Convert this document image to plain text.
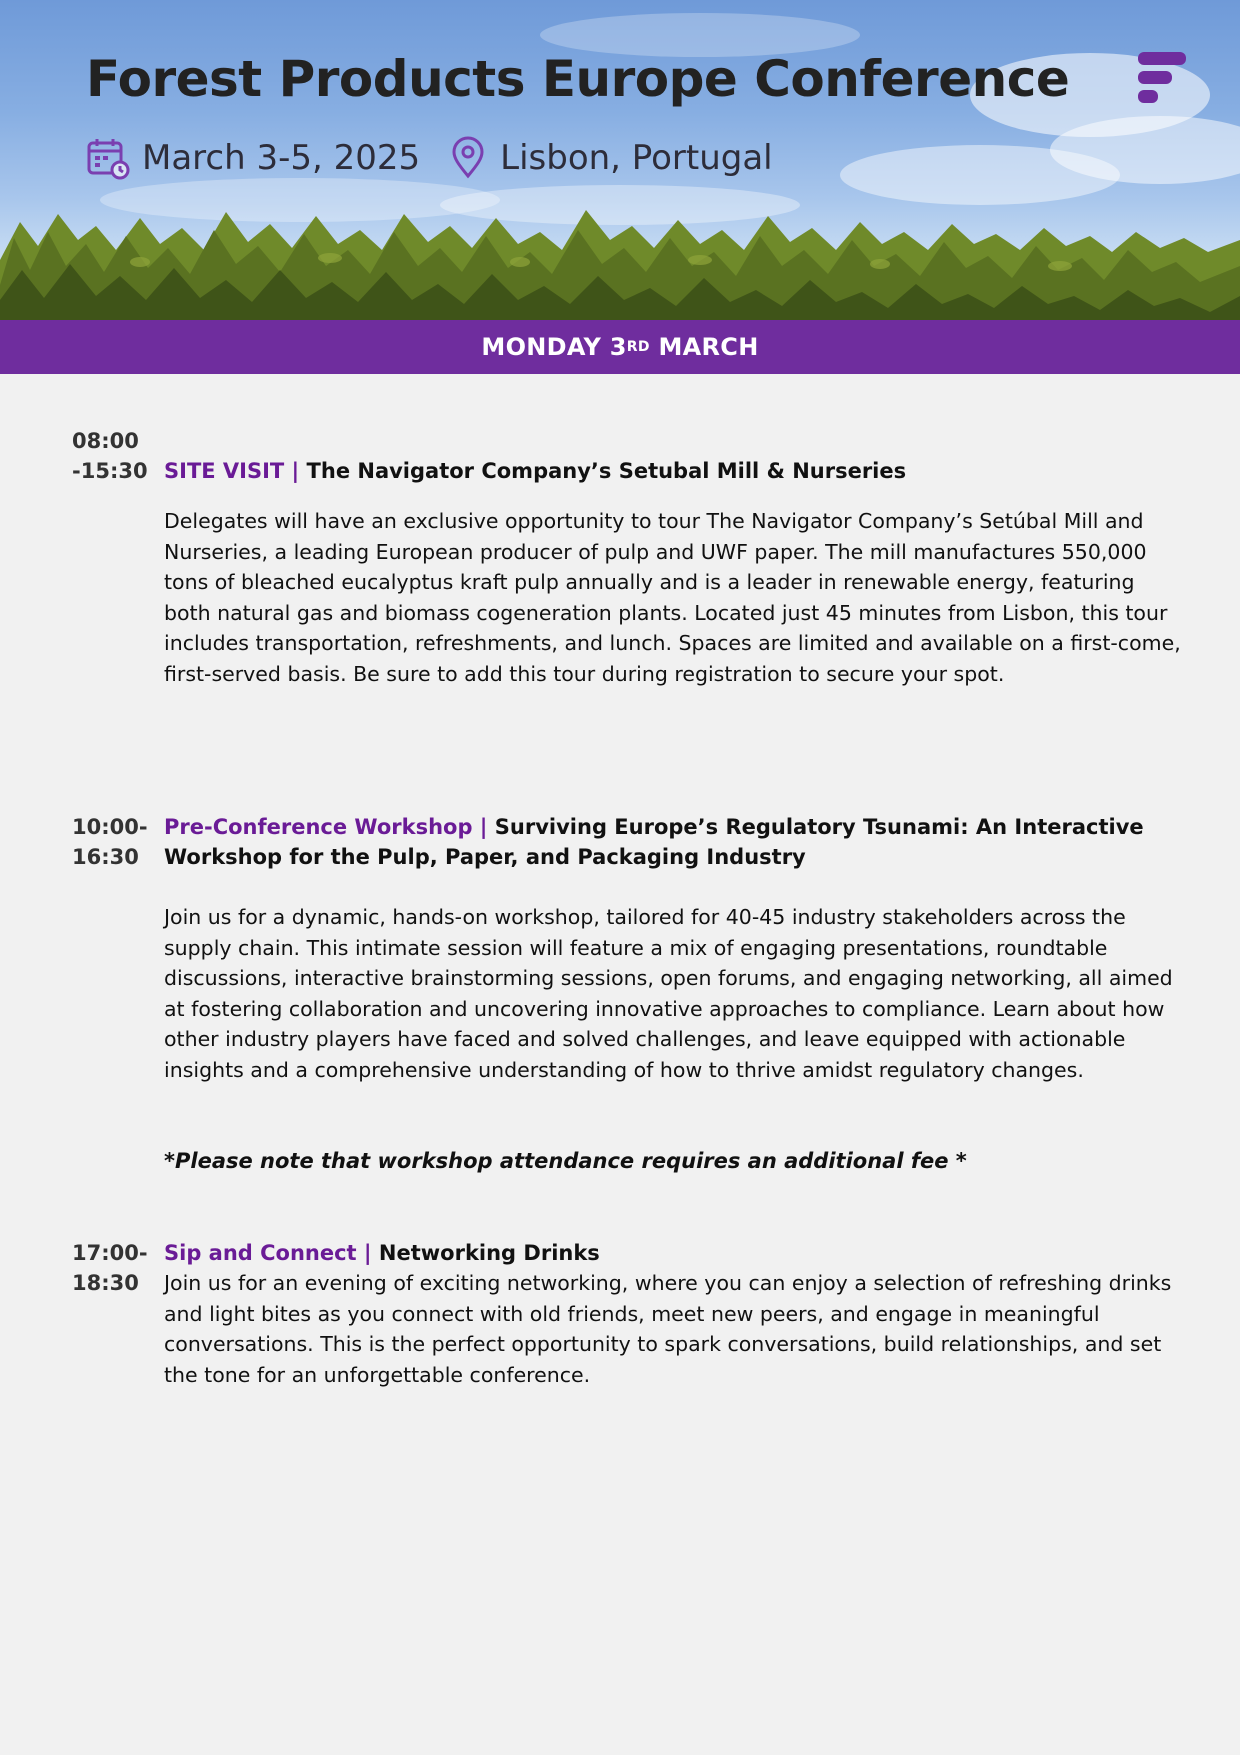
Forest Products Europe Conference
March 3-5, 2025 Lisbon, Portugal
MONDAY 3 RD
MARCH
08:00
-15:30 SITE VISIT | The Navigator Company’s Setubal Mill & Nurseries

Delegates will have an exclusive opportunity to tour The Navigator Company’s Setúbal Mill and Nurseries, a leading European producer of pulp and UWF paper. The mill manufactures 550,000 tons of bleached eucalyptus kraft pulp annually and is a leader in renewable energy, featuring both natural gas and biomass cogeneration plants. Located just 45 minutes from Lisbon, this tour includes transportation, refreshments, and lunch. Spaces are limited and available on a first-come, first-served basis. Be sure to add this tour during registration to secure your spot.

10:00-
16:30

Pre-Conference Workshop | Surviving Europe’s Regulatory Tsunami: An Interactive Workshop for the Pulp, Paper, and Packaging Industry

Join us for a dynamic, hands-on workshop, tailored for 40-45 industry stakeholders across the supply chain. This intimate session will feature a mix of engaging presentations, roundtable discussions, interactive brainstorming sessions, open forums, and engaging networking, all aimed at fostering collaboration and uncovering innovative approaches to compliance. Learn about how other industry players have faced and solved challenges, and leave equipped with actionable insights and a comprehensive understanding of how to thrive amidst regulatory changes.

*Please note that workshop attendance requires an additional fee *

17:00-
18:30

Sip and Connect | Networking Drinks

Join us for an evening of exciting networking, where you can enjoy a selection of refreshing drinks and light bites as you connect with old friends, meet new peers, and engage in meaningful conversations. This is the perfect opportunity to spark conversations, build relationships, and set the tone for an unforgettable conference.
